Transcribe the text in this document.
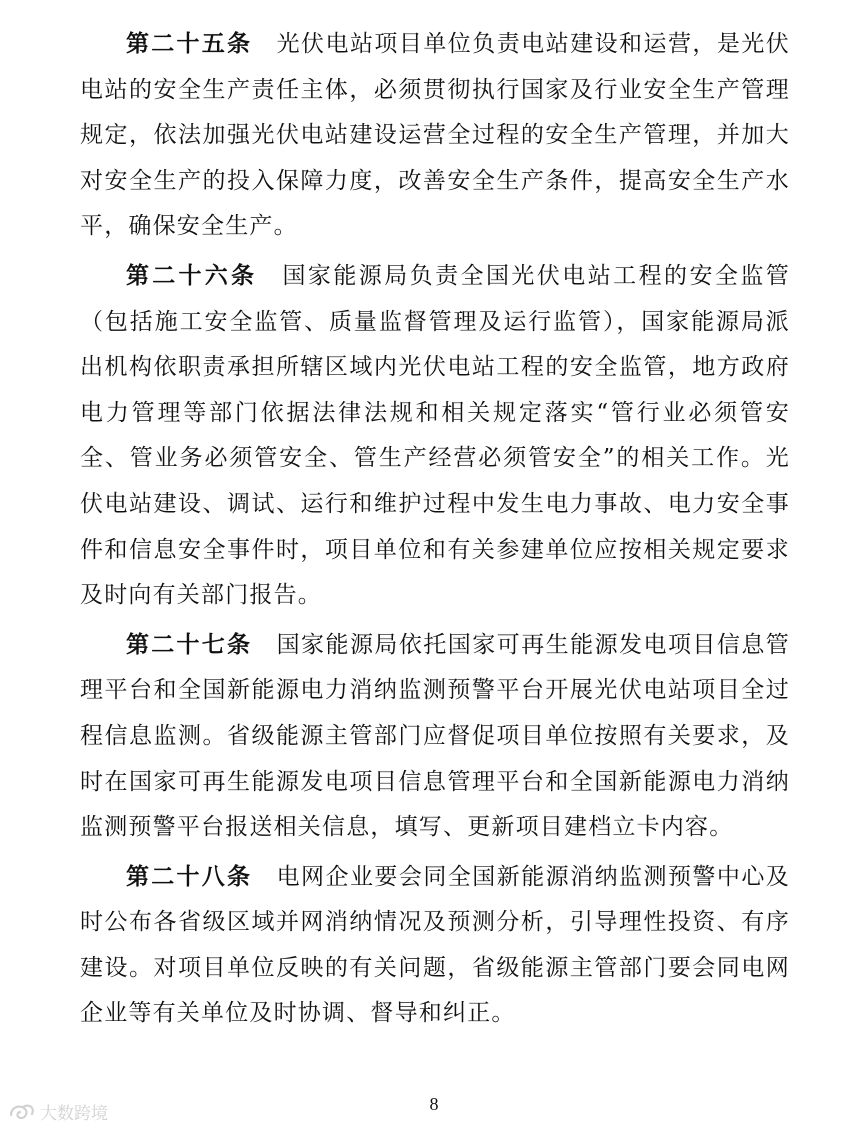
第二十五条 光伏电站项目单位负责电站建设和运营，是光伏电站的安全生产责任主体，必须贯彻执行国家及行业安全生产管理规定，依法加强光伏电站建设运营全过程的安全生产管理，并加大对安全生产的投入保障力度，改善安全生产条件，提高安全生产水平，确保安全生产。

第二十六条 国家能源局负责全国光伏电站工程的安全监管（包括施工安全监管、质量监督管理及运行监管），国家能源局派出机构依职责承担所辖区域内光伏电站工程的安全监管，地方政府电力管理等部门依据法律法规和相关规定落实“管行业必须管安全、管业务必须管安全、管生产经营必须管安全”的相关工作。光伏电站建设、调试、运行和维护过程中发生电力事故、电力安全事件和信息安全事件时，项目单位和有关参建单位应按相关规定要求及时向有关部门报告。

第二十七条 国家能源局依托国家可再生能源发电项目信息管理平台和全国新能源电力消纳监测预警平台开展光伏电站项目全过程信息监测。省级能源主管部门应督促项目单位按照有关要求，及时在国家可再生能源发电项目信息管理平台和全国新能源电力消纳监测预警平台报送相关信息，填写、更新项目建档立卡内容。

第二十八条 电网企业要会同全国新能源消纳监测预警中心及时公布各省级区域并网消纳情况及预测分析，引导理性投资、有序建设。对项目单位反映的有关问题，省级能源主管部门要会同电网企业等有关单位及时协调、督导和纠正。

8
大数跨境
